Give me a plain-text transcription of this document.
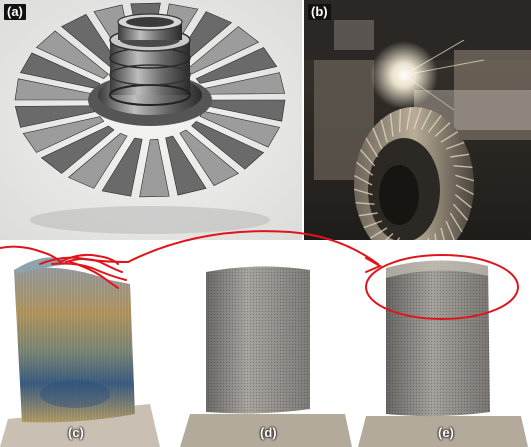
(a)	(b)
(c)	(d)	(e)
